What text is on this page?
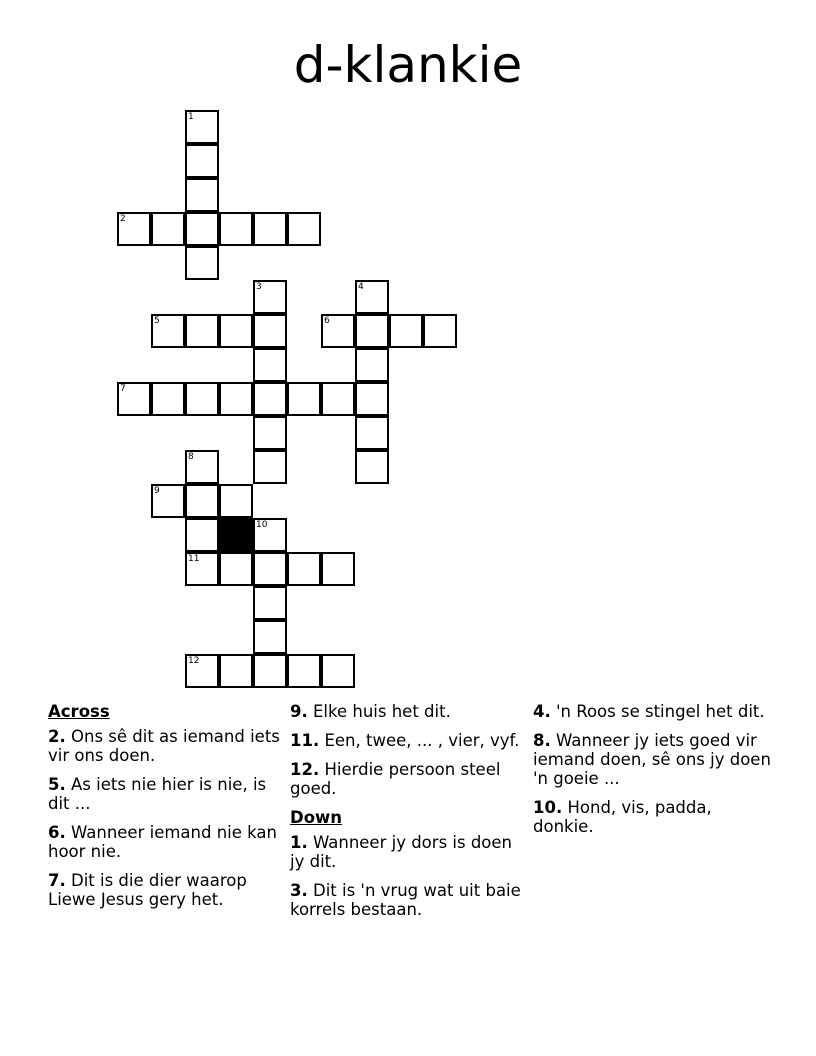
d-klankie
1
2
3
5	6
4
7
8
9
10
11
12
Across
2. Ons sê dit as iemand iets vir ons doen.
5. As iets nie hier is nie, is dit ...
6. Wanneer iemand nie kan hoor nie.
7. Dit is die dier waarop Liewe Jesus gery het.
9. Elke huis het dit.
11. Een, twee, ... , vier, vyf.
12. Hierdie persoon steel goed.
Down
1. Wanneer jy dors is doen jy dit.
3. Dit is 'n vrug wat uit baie korrels bestaan.
4. 'n Roos se stingel het dit.
8. Wanneer jy iets goed vir iemand doen, sê ons jy doen 'n goeie ...
10. Hond, vis, padda, donkie.
